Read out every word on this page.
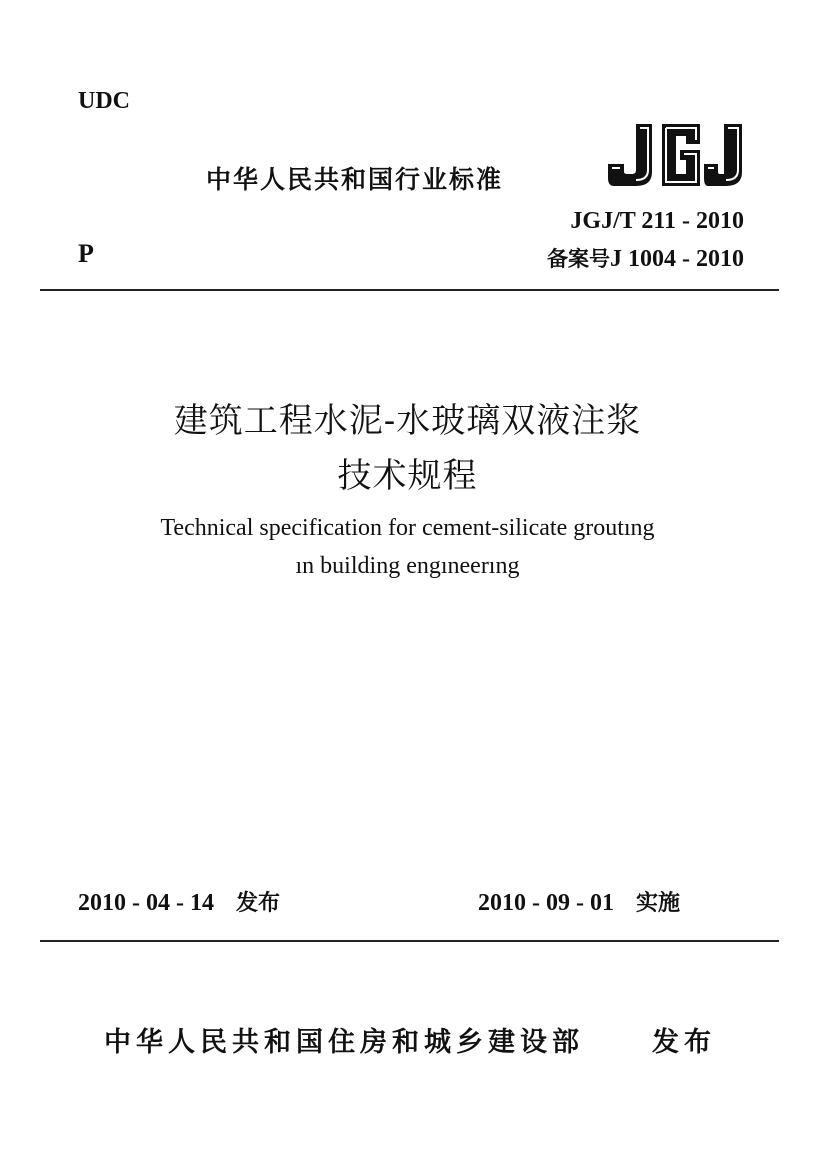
UDC
中华人民共和国行业标准
JGJ/T 211 - 2010
备案号J 1004 - 2010
P
建筑工程水泥-水玻璃双液注浆
技术规程
Technical specification for cement-silicate groutıng
ın building engıneerıng
2010 - 04 - 14 发布	2010 - 09 - 01 实施
中华人民共和国住房和城乡建设部	发布
